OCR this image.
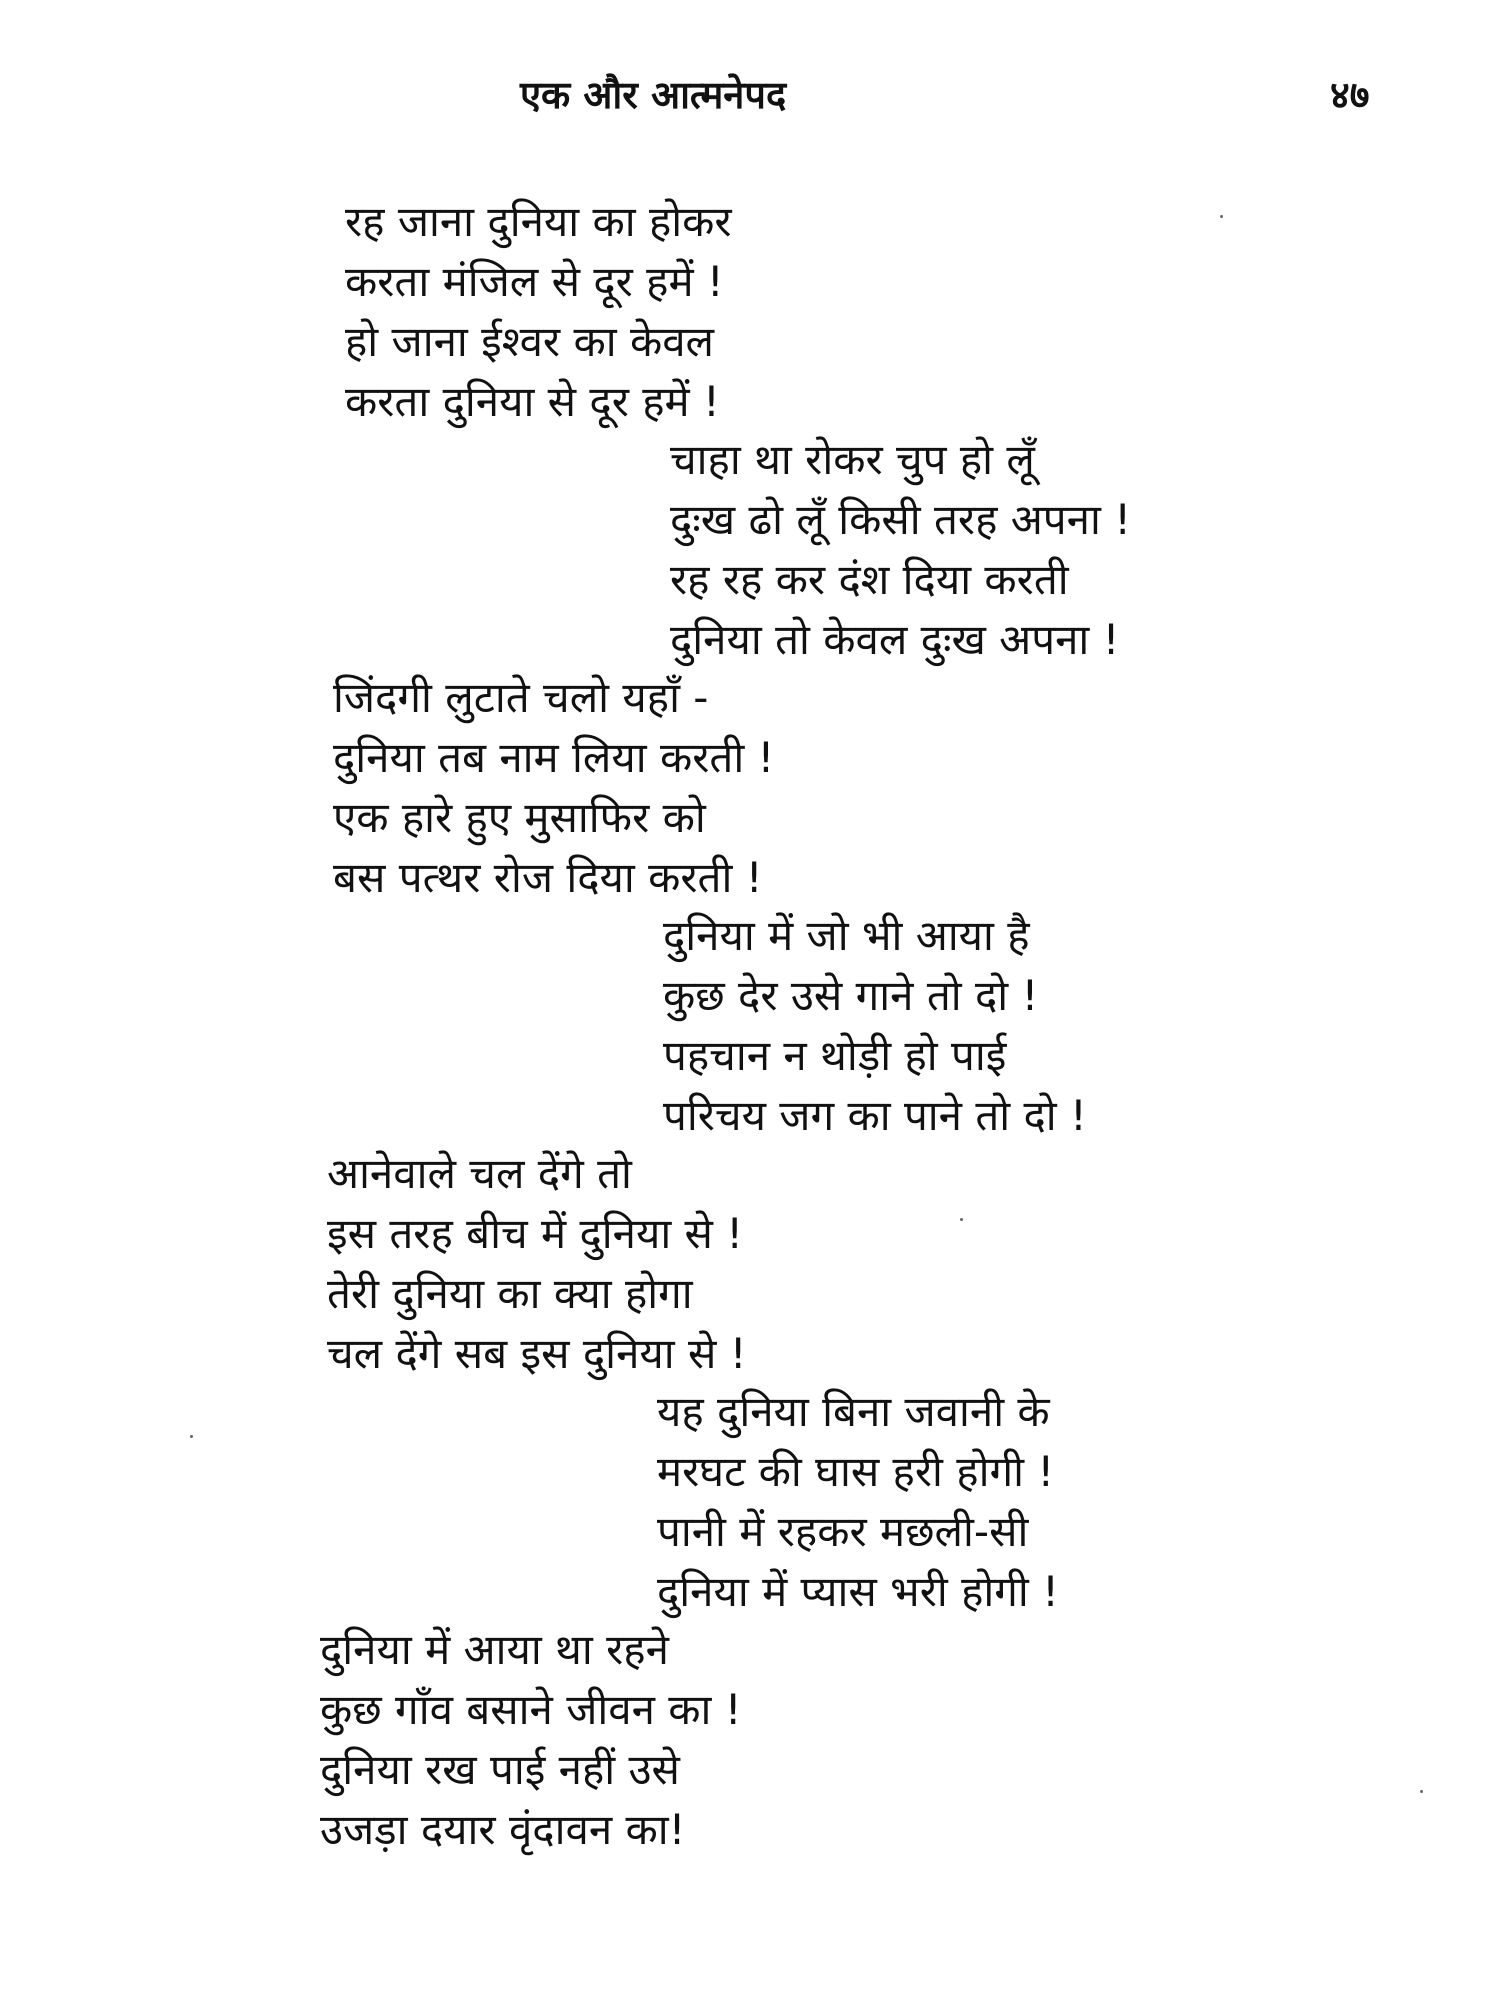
एक और आत्मनेपद	४७
रह जाना दुनिया का होकर
करता मंजिल से दूर हमें !
हो जाना ईश्वर का केवल
करता दुनिया से दूर हमें !
चाहा था रोकर चुप हो लूँ
दुःख ढो लूँ किसी तरह अपना !
रह रह कर दंश दिया करती
दुनिया तो केवल दुःख अपना !
जिंदगी लुटाते चलो यहाँ -
दुनिया तब नाम लिया करती !
एक हारे हुए मुसाफिर को
बस पत्थर रोज दिया करती !
दुनिया में जो भी आया है
कुछ देर उसे गाने तो दो !
पहचान न थोड़ी हो पाई
परिचय जग का पाने तो दो !
आनेवाले चल देंगे तो
इस तरह बीच में दुनिया से !
तेरी दुनिया का क्या होगा
चल देंगे सब इस दुनिया से !
यह दुनिया बिना जवानी के
मरघट की घास हरी होगी !
पानी में रहकर मछली-सी
दुनिया में प्यास भरी होगी !
दुनिया में आया था रहने
कुछ गाँव बसाने जीवन का !
दुनिया रख पाई नहीं उसे
उजड़ा दयार वृंदावन का!
